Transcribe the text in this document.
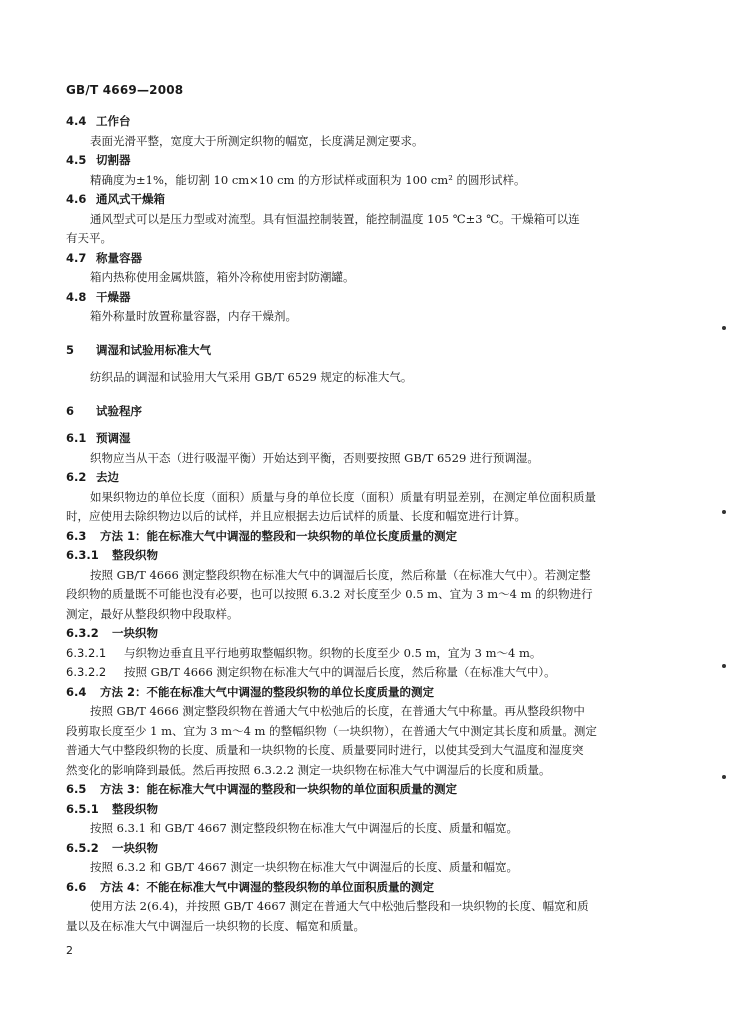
GB/T 4669—2008
4.4 工作台
表面光滑平整，宽度大于所测定织物的幅宽，长度满足测定要求。
4.5 切割器
精确度为±1%，能切割 10 cm×10 cm 的方形试样或面积为 100 cm² 的圆形试样。
4.6 通风式干燥箱
通风型式可以是压力型或对流型。具有恒温控制装置，能控制温度 105 ℃±3 ℃。干燥箱可以连
有天平。
4.7 称量容器
箱内热称使用金属烘篮，箱外冷称使用密封防潮罐。
4.8 干燥器
箱外称量时放置称量容器，内存干燥剂。
5 调湿和试验用标准大气
纺织品的调湿和试验用大气采用 GB/T 6529 规定的标准大气。
6 试验程序
6.1 预调湿
织物应当从干态（进行吸湿平衡）开始达到平衡，否则要按照 GB/T 6529 进行预调湿。
6.2 去边
如果织物边的单位长度（面积）质量与身的单位长度（面积）质量有明显差别，在测定单位面积质量
时，应使用去除织物边以后的试样，并且应根据去边后试样的质量、长度和幅宽进行计算。
6.3 方法 1：能在标准大气中调湿的整段和一块织物的单位长度质量的测定
6.3.1 整段织物
按照 GB/T 4666 测定整段织物在标准大气中的调湿后长度，然后称量（在标准大气中）。若测定整
段织物的质量既不可能也没有必要，也可以按照 6.3.2 对长度至少 0.5 m、宜为 3 m～4 m 的织物进行
测定，最好从整段织物中段取样。
6.3.2 一块织物
6.3.2.1 与织物边垂直且平行地剪取整幅织物。织物的长度至少 0.5 m，宜为 3 m～4 m。
6.3.2.2 按照 GB/T 4666 测定织物在标准大气中的调湿后长度，然后称量（在标准大气中）。
6.4 方法 2：不能在标准大气中调湿的整段织物的单位长度质量的测定
按照 GB/T 4666 测定整段织物在普通大气中松弛后的长度，在普通大气中称量。再从整段织物中
段剪取长度至少 1 m、宜为 3 m～4 m 的整幅织物（一块织物），在普通大气中测定其长度和质量。测定
普通大气中整段织物的长度、质量和一块织物的长度、质量要同时进行，以使其受到大气温度和湿度突
然变化的影响降到最低。然后再按照 6.3.2.2 测定一块织物在标准大气中调湿后的长度和质量。
6.5 方法 3：能在标准大气中调湿的整段和一块织物的单位面积质量的测定
6.5.1 整段织物
按照 6.3.1 和 GB/T 4667 测定整段织物在标准大气中调湿后的长度、质量和幅宽。
6.5.2 一块织物
按照 6.3.2 和 GB/T 4667 测定一块织物在标准大气中调湿后的长度、质量和幅宽。
6.6 方法 4：不能在标准大气中调湿的整段织物的单位面积质量的测定
使用方法 2(6.4)，并按照 GB/T 4667 测定在普通大气中松弛后整段和一块织物的长度、幅宽和质
量以及在标准大气中调湿后一块织物的长度、幅宽和质量。
2
